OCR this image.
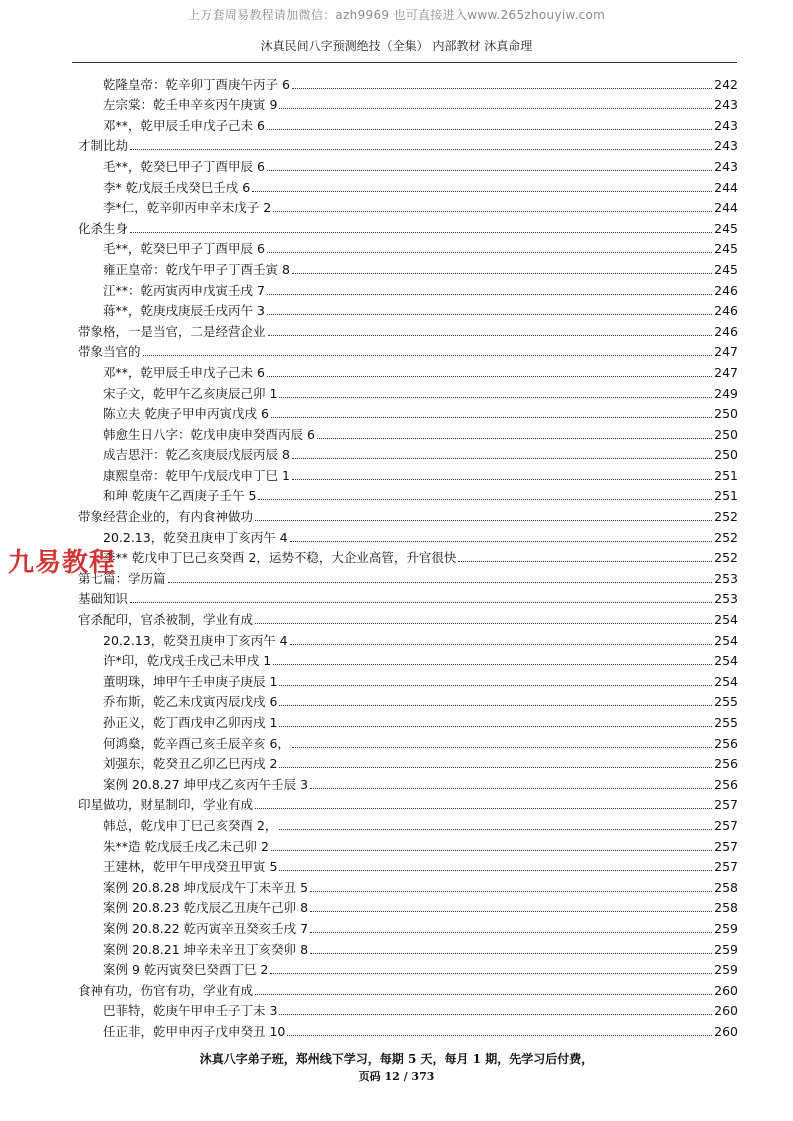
上万套周易教程请加微信：azh9969 也可直接进入www.265zhouyiw.com
沐真民间八字预测绝技（全集） 内部教材 沐真命理
乾隆皇帝：乾辛卯丁酉庚午丙子 6	242
左宗棠：乾壬申辛亥丙午庚寅 9	243
邓**，乾甲辰壬申戊子己未 6	243
才制比劫	243
毛**，乾癸巳甲子丁酉甲辰 6	243
李* 乾戊辰壬戌癸巳壬戌 6	244
李*仁，乾辛卯丙申辛未戊子 2	244
化杀生身	245
毛**，乾癸巳甲子丁酉甲辰 6	245
雍正皇帝：乾戊午甲子丁酉壬寅 8	245
江**：乾丙寅丙申戊寅壬戌 7	246
蒋**，乾庚戌庚辰壬戌丙午 3	246
带象格，一是当官，二是经营企业	246
带象当官的	247
邓**，乾甲辰壬申戊子己未 6	247
宋子文，乾甲午乙亥庚辰己卯 1	249
陈立夫 乾庚子甲申丙寅戊戌 6	250
韩愈生日八字：乾戊申庚申癸酉丙辰 6	250
成吉思汗：乾乙亥庚辰戊辰丙辰 8	250
康熙皇帝：乾甲午戊辰戊申丁巳 1	251
和珅 乾庚午乙酉庚子壬午 5	251
带象经营企业的，有内食神做功	252
20.2.13，乾癸丑庚申丁亥丙午 4	252
李** 乾戊申丁巳己亥癸酉 2，运势不稳，大企业高管，升官很快	252
第七篇：学历篇	253
基础知识	253
官杀配印，官杀被制，学业有成	254
20.2.13，乾癸丑庚申丁亥丙午 4	254
许*印，乾戊戌壬戌己未甲戌 1	254
董明珠，坤甲午壬申庚子庚辰 1	254
乔布斯，乾乙未戊寅丙辰戊戌 6	255
孙正义，乾丁酉戊申乙卯丙戌 1	255
何鸿燊，乾辛酉己亥壬辰辛亥 6，	256
刘强东，乾癸丑乙卯乙巳丙戌 2	256
案例 20.8.27 坤甲戌乙亥丙午壬辰 3	256
印星做功，财星制印，学业有成	257
韩总，乾戊申丁巳己亥癸酉 2，	257
朱**造 乾戊辰壬戌乙未己卯 2	257
王建林，乾甲午甲戌癸丑甲寅 5	257
案例 20.8.28 坤戊辰戊午丁未辛丑 5	258
案例 20.8.23 乾戊辰乙丑庚午己卯 8	258
案例 20.8.22 乾丙寅辛丑癸亥壬戌 7	259
案例 20.8.21 坤辛未辛丑丁亥癸卯 8	259
案例 9 乾丙寅癸巳癸酉丁巳 2	259
食神有功，伤官有功，学业有成	260
巴菲特，乾庚午甲申壬子丁未 3	260
任正非，乾甲申丙子戊申癸丑 10	260
九易教程
沐真八字弟子班，郑州线下学习，每期 5 天，每月 1 期，先学习后付费，
页码 12 / 373
